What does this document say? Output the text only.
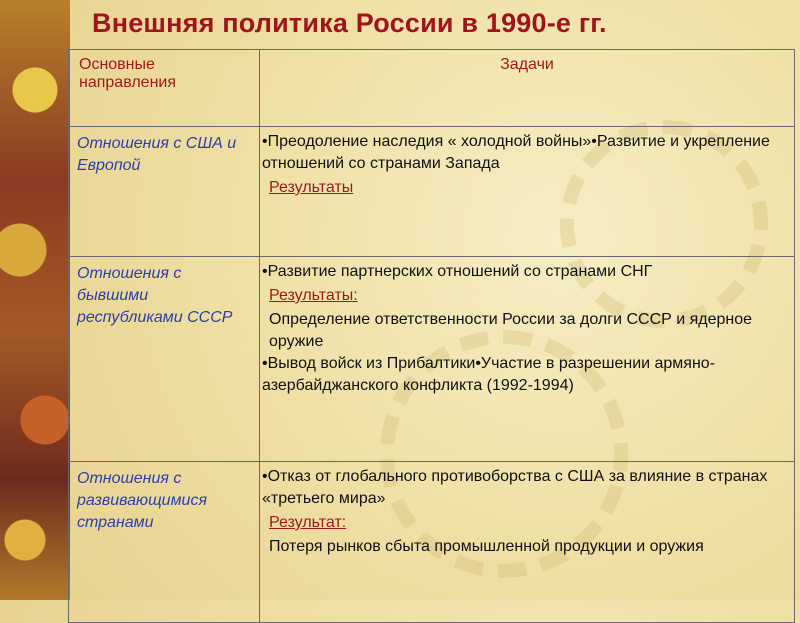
Внешняя политика России в 1990-е гг.
Основные направления	Задачи
Отношения с США и Европой	•Преодоление наследия « холодной войны»•Развитие и укрепление отношений со странами Запада
Результаты

Отношения с бывшими республиками СССР	•Развитие партнерских отношений со странами СНГ
Результаты:
Определение ответственности России за долги СССР и ядерное оружие
•Вывод войск из Прибалтики•Участие в разрешении армяно-азербайджанского конфликта (1992-1994)
Отношения с развивающимися странами	•Отказ от глобального противоборства с США за влияние в странах «третьего мира»
Результат:
Потеря рынков сбыта промышленной продукции и оружия
